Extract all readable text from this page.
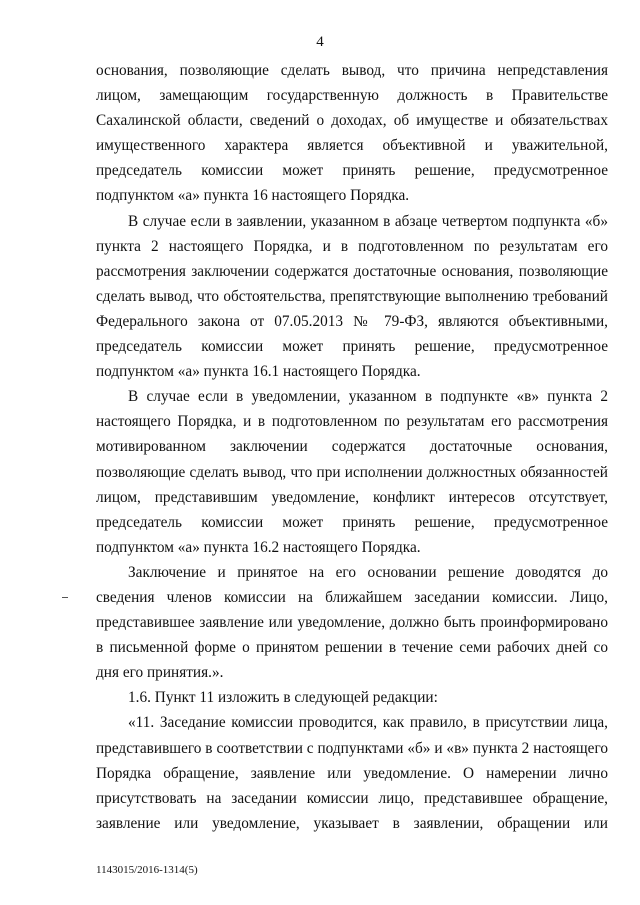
4

основания, позволяющие сделать вывод, что причина непредставления лицом, замещающим государственную должность в Правительстве Сахалинской области, сведений о доходах, об имуществе и обязательствах имущественного характера является объективной и уважительной, председатель комиссии может принять решение, предусмотренное подпунктом «а» пункта 16 настоящего Порядка.

В случае если в заявлении, указанном в абзаце четвертом подпункта «б» пункта 2 настоящего Порядка, и в подготовленном по результатам его рассмотрения заключении содержатся достаточные основания, позволяющие сделать вывод, что обстоятельства, препятствующие выполнению требований Федерального закона от 07.05.2013 № 79-ФЗ, являются объективными, председатель комиссии может принять решение, предусмотренное подпунктом «а» пункта 16.1 настоящего Порядка.

В случае если в уведомлении, указанном в подпункте «в» пункта 2 настоящего Порядка, и в подготовленном по результатам его рассмотрения мотивированном заключении содержатся достаточные основания, позволяющие сделать вывод, что при исполнении должностных обязанностей лицом, представившим уведомление, конфликт интересов отсутствует, председатель комиссии может принять решение, предусмотренное подпунктом «а» пункта 16.2 настоящего Порядка.

Заключение и принятое на его основании решение доводятся до сведения членов комиссии на ближайшем заседании комиссии. Лицо, представившее заявление или уведомление, должно быть проинформировано в письменной форме о принятом решении в течение семи рабочих дней со дня его принятия.».

1.6. Пункт 11 изложить в следующей редакции:

«11. Заседание комиссии проводится, как правило, в присутствии лица, представившего в соответствии с подпунктами «б» и «в» пункта 2 настоящего Порядка обращение, заявление или уведомление. О намерении лично присутствовать на заседании комиссии лицо, представившее обращение, заявление или уведомление, указывает в заявлении, обращении или

1143015/2016-1314(5)
